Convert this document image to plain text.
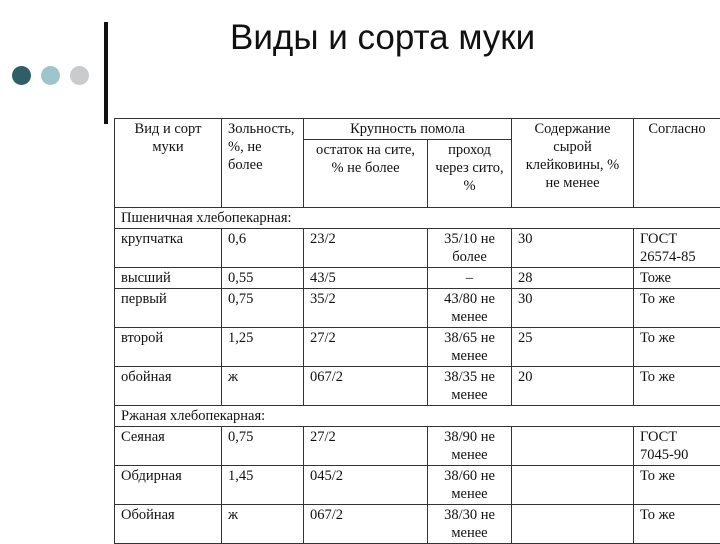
Виды и сорта муки
Вид и сорт муки	Зольность, %, не более	Крупность помола		Содержание сырой клейковины, % не менее	Согласно
		остаток на сите, % не более	проход через сито, %		
Пшеничная хлебопекарная:					
крупчатка	0,6	23/2	35/10 не более	30	ГОСТ 26574-85
высший	0,55	43/5	–	28	Тоже
первый	0,75	35/2	43/80 не менее	30	То же
второй	1,25	27/2	38/65 не менее	25	То же
обойная	ж	067/2	38/35 не менее	20	То же
Ржаная хлебопекарная:					
Сеяная	0,75	27/2	38/90 не менее		ГОСТ 7045-90
Обдирная	1,45	045/2	38/60 не менее		То же
Обойная	ж	067/2	38/30 не менее		То же
